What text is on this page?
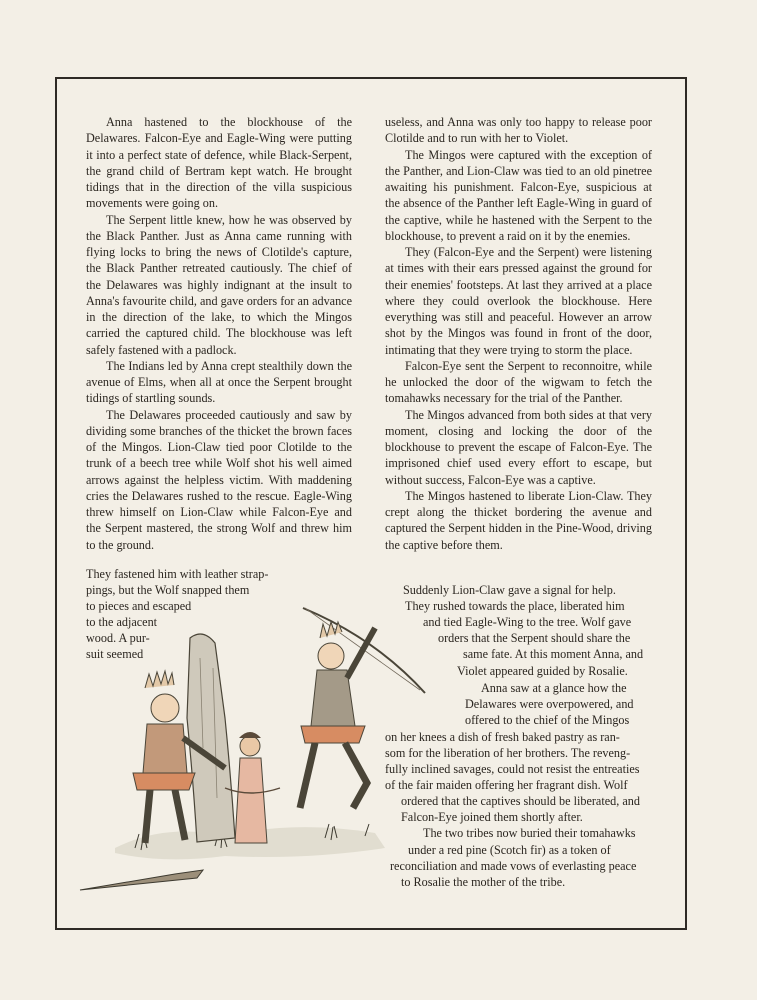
Anna hastened to the blockhouse of the Delawares. Falcon-Eye and Eagle-Wing were putting it into a perfect state of defence, while Black-Serpent, the grand child of Bertram kept watch. He brought tidings that in the direction of the villa suspicious movements were going on.

The Serpent little knew, how he was observed by the Black Panther. Just as Anna came running with flying locks to bring the news of Clotilde's capture, the Black Panther retreated cautiously. The chief of the Delawares was highly indignant at the insult to Anna's favourite child, and gave orders for an advance in the direction of the lake, to which the Mingos carried the captured child. The blockhouse was left safely fastened with a padlock.

The Indians led by Anna crept stealthily down the avenue of Elms, when all at once the Serpent brought tidings of startling sounds.

The Delawares proceeded cautiously and saw by dividing some branches of the thicket the brown faces of the Mingos. Lion-Claw tied poor Clotilde to the trunk of a beech tree while Wolf shot his well aimed arrows against the helpless victim. With maddening cries the Delawares rushed to the rescue. Eagle-Wing threw himself on Lion-Claw while Falcon-Eye and the Serpent mastered, the strong Wolf and threw him to the ground.

They fastened him with leather strap-

pings, but the Wolf snapped them

to pieces and escaped

to the adjacent

wood. A pur-

suit seemed

useless, and Anna was only too happy to release poor Clotilde and to run with her to Violet.

The Mingos were captured with the exception of the Panther, and Lion-Claw was tied to an old pinetree awaiting his punishment. Falcon-Eye, suspicious at the absence of the Panther left Eagle-Wing in guard of the captive, while he hastened with the Serpent to the blockhouse, to prevent a raid on it by the enemies.

They (Falcon-Eye and the Serpent) were listening at times with their ears pressed against the ground for their enemies' footsteps. At last they arrived at a place where they could overlook the blockhouse. Here everything was still and peaceful. However an arrow shot by the Mingos was found in front of the door, intimating that they were trying to storm the place.

Falcon-Eye sent the Serpent to reconnoitre, while he unlocked the door of the wigwam to fetch the tomahawks necessary for the trial of the Panther.

The Mingos advanced from both sides at that very moment, closing and locking the door of the blockhouse to prevent the escape of Falcon-Eye. The imprisoned chief used every effort to escape, but without success, Falcon-Eye was a captive.

The Mingos hastened to liberate Lion-Claw. They crept along the thicket bordering the avenue and captured the Serpent hidden in the Pine-Wood, driving the captive before them.

Suddenly Lion-Claw gave a signal for help.

They rushed towards the place, liberated him

and tied Eagle-Wing to the tree. Wolf gave

orders that the Serpent should share the

same fate. At this moment Anna, and

Violet appeared guided by Rosalie.

Anna saw at a glance how the

Delawares were overpowered, and

offered to the chief of the Mingos

on her knees a dish of fresh baked pastry as ran-

som for the liberation of her brothers. The reveng-

fully inclined savages, could not resist the entreaties

of the fair maiden offering her fragrant dish. Wolf

ordered that the captives should be liberated, and

Falcon-Eye joined them shortly after.

The two tribes now buried their tomahawks

under a red pine (Scotch fir) as a token of

reconciliation and made vows of everlasting peace

to Rosalie the mother of the tribe.
